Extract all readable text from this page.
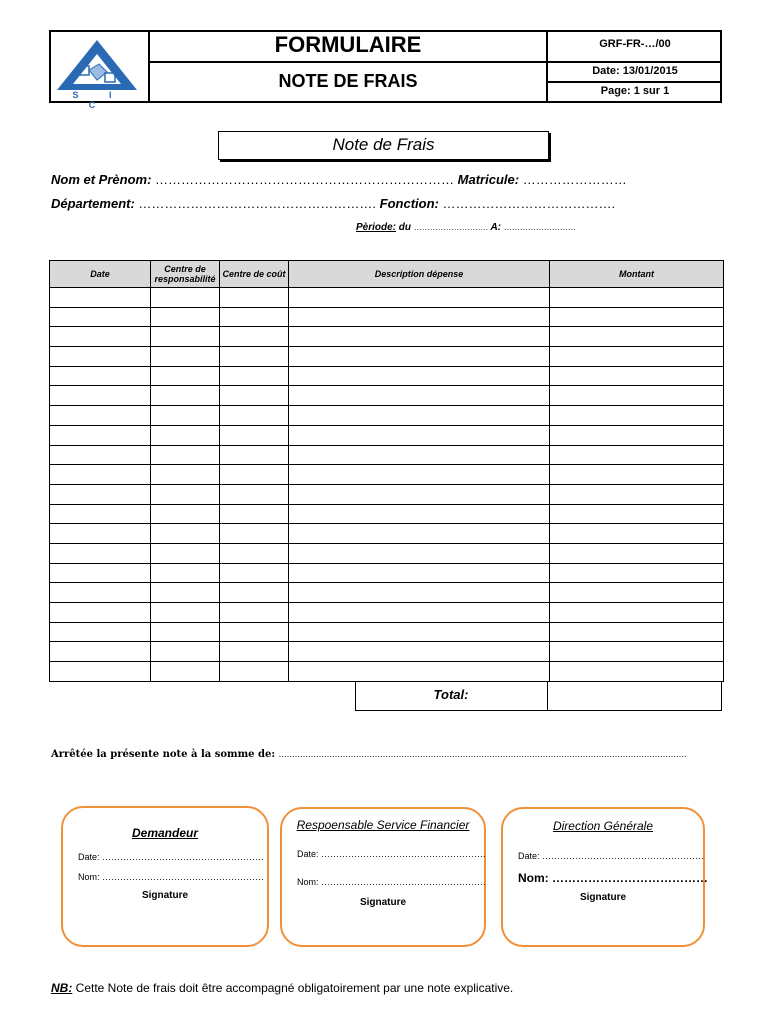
S I C
FORMULAIRE
NOTE DE FRAIS
GRF-FR-…/00
Date: 13/01/2015
Page: 1 sur 1
Note de Frais
Nom et Prènom: …………………………………………………………… Matricule: ……………………
Département: ………………………………………………. Fonction: ………………………………….
Pèriode: du ………………………. A: ………………………
Date	Centre de responsabilité	Centre de coût	Description dépense	Montant

Total:
Arrêtée la présente note à la somme de: ………………………………………………………………………………………………………………………………………
Demandeur
Date: ………………………………………………
Nom: ………………………………………………
Signature
Respoensable Service Financier
Date: ……………………………………………….
Nom: ……………………………………………….
Signature
Direction Générale
Date: ………………………………………………
Nom: …………………………………
Signature
NB: Cette Note de frais doit être accompagné obligatoirement par une note explicative.
